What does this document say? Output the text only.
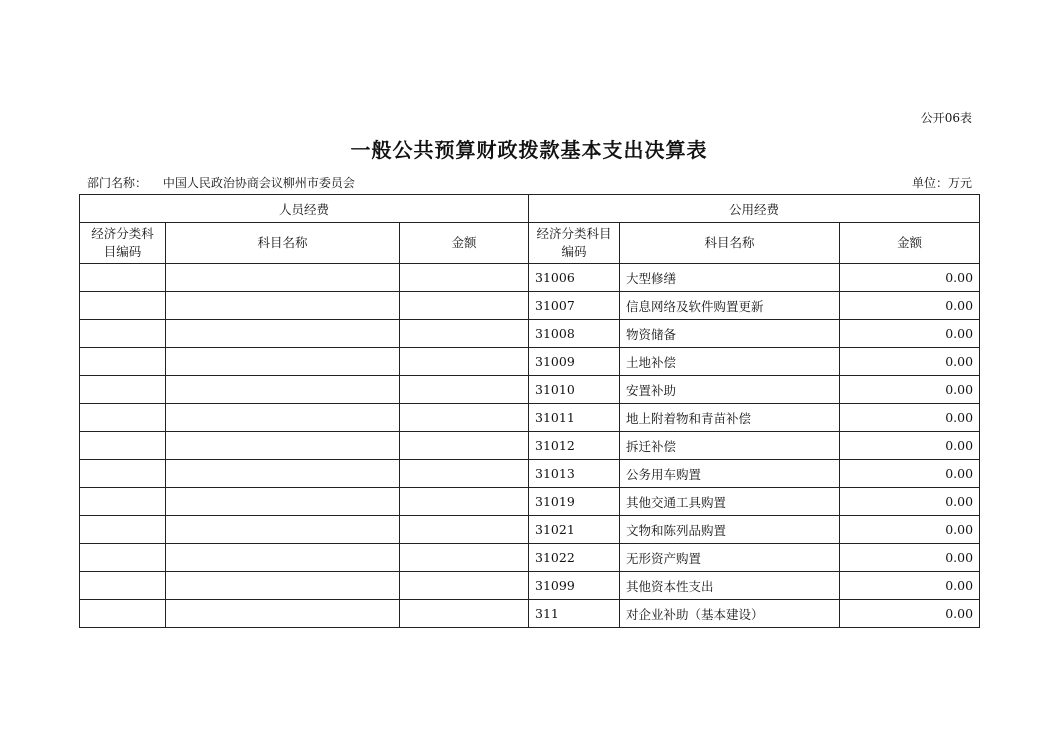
公开06表
一般公共预算财政拨款基本支出决算表
部门名称： 中国人民政治协商会议柳州市委员会	单位：万元
人员经费			公用经费		
经济分类科目编码	科目名称	金额	经济分类科目编码	科目名称	金额
			31006	大型修缮	0.00
			31007	信息网络及软件购置更新	0.00
			31008	物资储备	0.00
			31009	土地补偿	0.00
			31010	安置补助	0.00
			31011	地上附着物和青苗补偿	0.00
			31012	拆迁补偿	0.00
			31013	公务用车购置	0.00
			31019	其他交通工具购置	0.00
			31021	文物和陈列品购置	0.00
			31022	无形资产购置	0.00
			31099	其他资本性支出	0.00
			311	对企业补助（基本建设）	0.00
